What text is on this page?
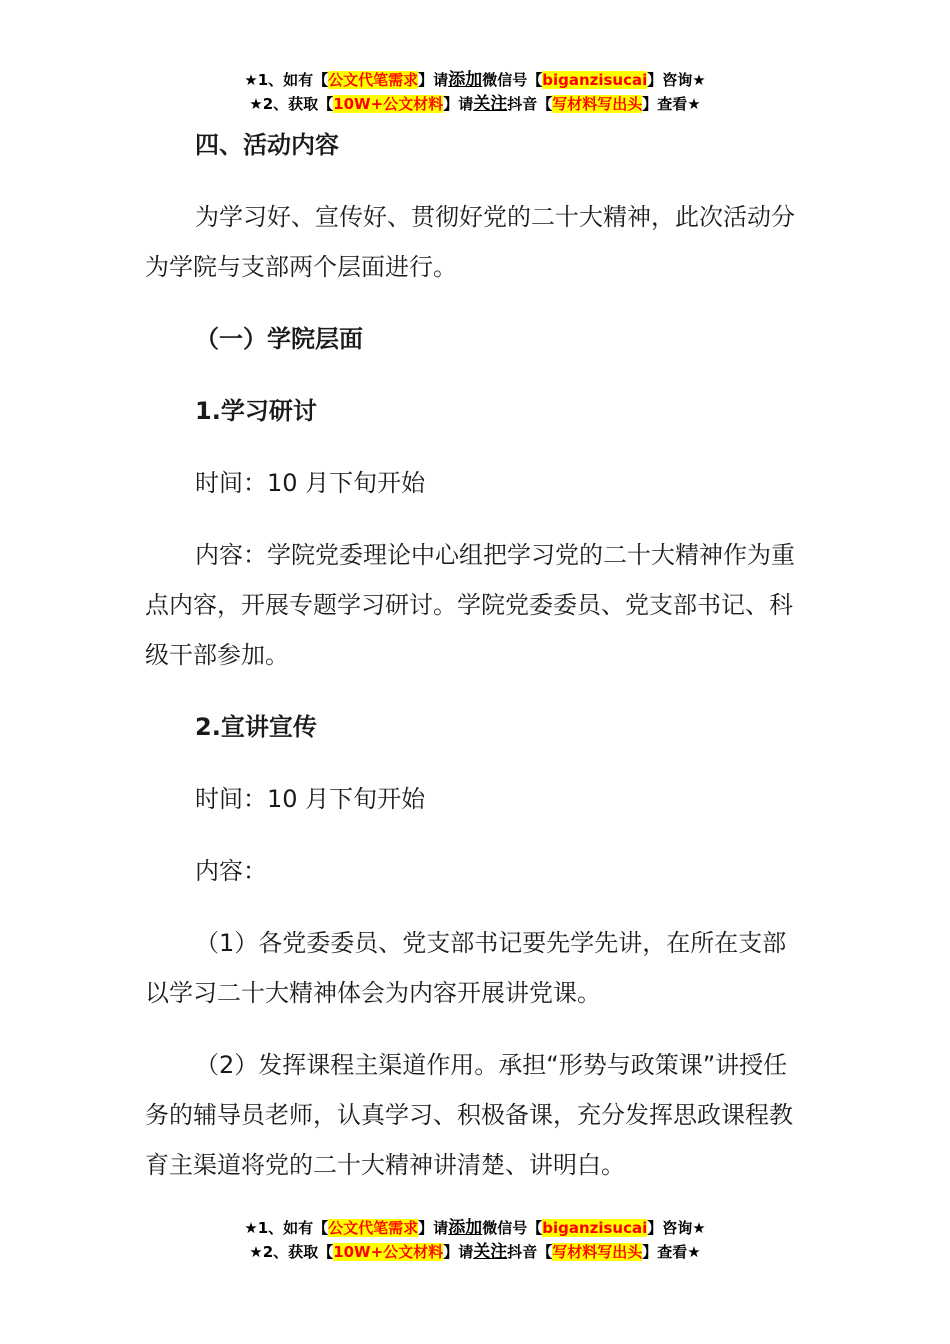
★1、如有【公文代笔需求】请添加微信号【biganzisucai】咨询★
★2、获取【10W+公文材料】请关注抖音【写材料写出头】查看★

四、活动内容

为学习好、宣传好、贯彻好党的二十大精神，此次活动分为学院与支部两个层面进行。

（一）学院层面

1.学习研讨

时间：10 月下旬开始

内容：学院党委理论中心组把学习党的二十大精神作为重点内容，开展专题学习研讨。学院党委委员、党支部书记、科级干部参加。

2.宣讲宣传

时间：10 月下旬开始

内容：

（1）各党委委员、党支部书记要先学先讲，在所在支部以学习二十大精神体会为内容开展讲党课。

（2）发挥课程主渠道作用。承担“形势与政策课”讲授任务的辅导员老师，认真学习、积极备课，充分发挥思政课程教育主渠道将党的二十大精神讲清楚、讲明白。

★1、如有【公文代笔需求】请添加微信号【biganzisucai】咨询★
★2、获取【10W+公文材料】请关注抖音【写材料写出头】查看★
